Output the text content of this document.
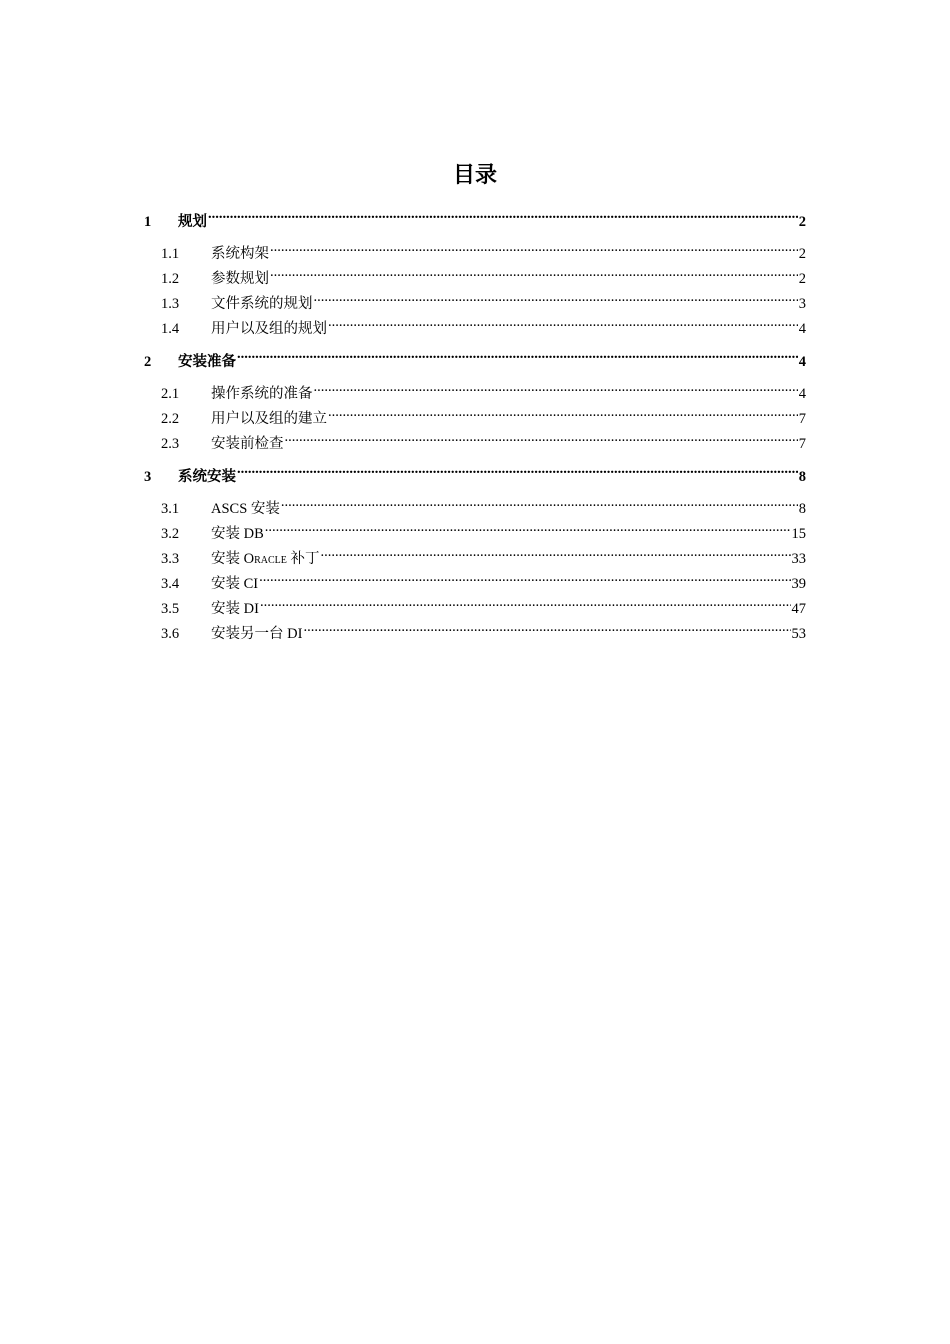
目录
1	规划 .....	2
1.1	系统构架 .....	2
1.2	参数规划 .....	2
1.3	文件系统的规划 .....	3
1.4	用户以及组的规划 .....	4
2	安装准备 .....	4
2.1	操作系统的准备 .....	4
2.2	用户以及组的建立 .....	7
2.3	安装前检查 .....	7
3	系统安装 .....	8
3.1	ASCS 安装 .....	8
3.2	安装 DB .....	15
3.3	安装 Oracle 补丁 .....	33
3.4	安装 CI .....	39
3.5	安装 DI .....	47
3.6	安装另一台 DI .....	53
